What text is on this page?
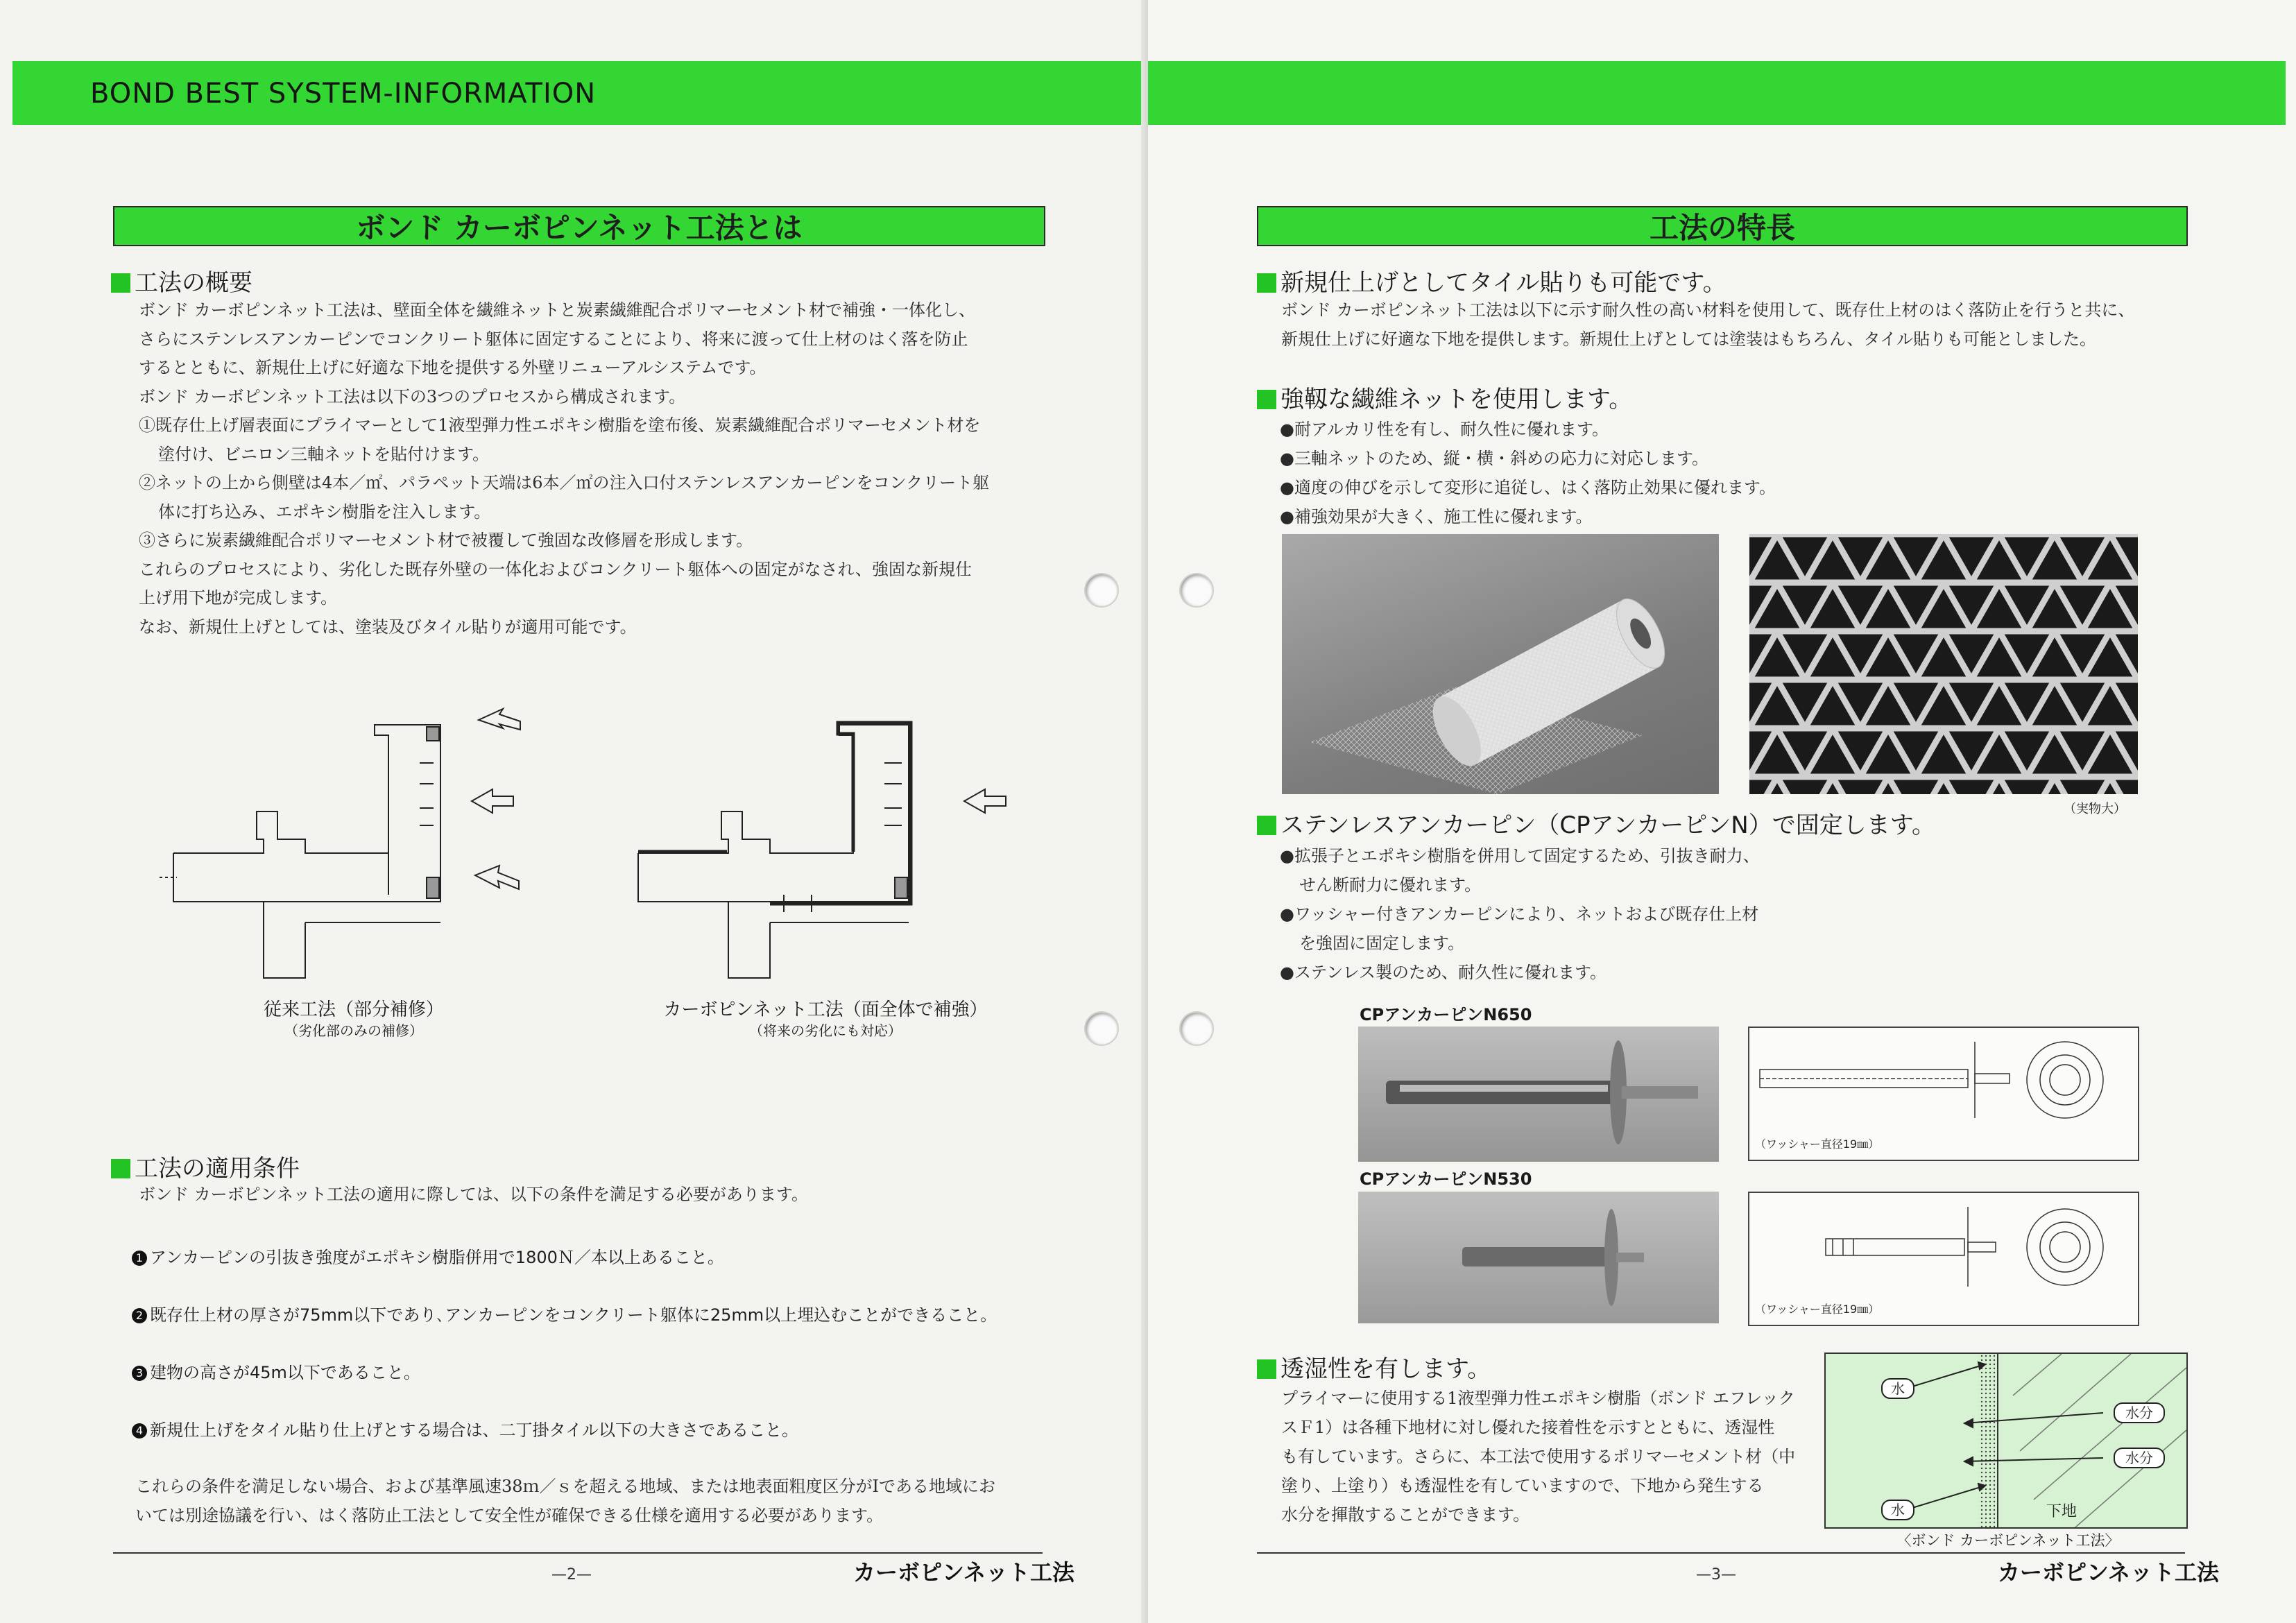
BOND BEST SYSTEM-INFORMATION
ボンド カーボピンネット工法とは
工法の概要

ボンド カーボピンネット工法は、壁面全体を繊維ネットと炭素繊維配合ポリマーセメント材で補強・一体化し、

さらにステンレスアンカーピンでコンクリート躯体に固定することにより、将来に渡って仕上材のはく落を防止

するとともに、新規仕上げに好適な下地を提供する外壁リニューアルシステムです。

ボンド カーボピンネット工法は以下の3つのプロセスから構成されます。

①既存仕上げ層表面にプライマーとして1液型弾力性エポキシ樹脂を塗布後、炭素繊維配合ポリマーセメント材を

塗付け、ビニロン三軸ネットを貼付けます。

②ネットの上から側壁は4本／㎡、パラペット天端は6本／㎡の注入口付ステンレスアンカーピンをコンクリート躯

体に打ち込み、エポキシ樹脂を注入します。

③さらに炭素繊維配合ポリマーセメント材で被覆して強固な改修層を形成します。

これらのプロセスにより、劣化した既存外壁の一体化およびコンクリート躯体への固定がなされ、強固な新規仕

上げ用下地が完成します。

なお、新規仕上げとしては、塗装及びタイル貼りが適用可能です。

従来工法（部分補修）
（劣化部のみの補修）
カーボピンネット工法（面全体で補強）
（将来の劣化にも対応）
工法の適用条件
ボンド カーボピンネット工法の適用に際しては、以下の条件を満足する必要があります。
1 アンカーピンの引抜き強度がエポキシ樹脂併用で1800Ｎ／本以上あること。
2 既存仕上材の厚さが75mm以下であり､アンカーピンをコンクリート躯体に25mm以上埋込むことができること。
3 建物の高さが45m以下であること。
4 新規仕上げをタイル貼り仕上げとする場合は、二丁掛タイル以下の大きさであること。

これらの条件を満足しない場合、および基準風速38ｍ／ｓを超える地域、または地表面粗度区分がⅠである地域にお

いては別途協議を行い、はく落防止工法として安全性が確保できる仕様を適用する必要があります。

—2—	カーボピンネット工法
工法の特長
新規仕上げとしてタイル貼りも可能です。

ボンド カーボピンネット工法は以下に示す耐久性の高い材料を使用して、既存仕上材のはく落防止を行うと共に、

新規仕上げに好適な下地を提供します。新規仕上げとしては塗装はもちろん、タイル貼りも可能としました。

強靱な繊維ネットを使用します。

●耐アルカリ性を有し、耐久性に優れます。

●三軸ネットのため、縦・横・斜めの応力に対応します。

●適度の伸びを示して変形に追従し、はく落防止効果に優れます。

●補強効果が大きく、施工性に優れます。

（実物大）
ステンレスアンカーピン（CPアンカーピンN）で固定します。

●拡張子とエポキシ樹脂を併用して固定するため、引抜き耐力、

せん断耐力に優れます。

●ワッシャー付きアンカーピンにより、ネットおよび既存仕上材

を強固に固定します。

●ステンレス製のため、耐久性に優れます。

CPアンカーピンN650
CPアンカーピンN530
（ワッシャー直径19㎜）
（ワッシャー直径19㎜）
透湿性を有します。

プライマーに使用する1液型弾力性エポキシ樹脂（ボンド エフレック

スＦ1）は各種下地材に対し優れた接着性を示すとともに、透湿性

も有しています。さらに、本工法で使用するポリマーセメント材（中

塗り、上塗り）も透湿性を有していますので、下地から発生する

水分を揮散することができます。

水
水
水分
水分
下地
〈ボンド カーボピンネット工法〉
—3—	カーボピンネット工法
